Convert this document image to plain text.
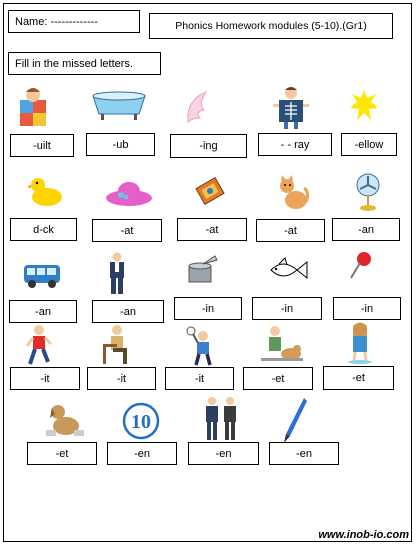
Name: -------------	Phonics Homework modules (5-10).(Gr1)
Fill in the missed letters.
10
-uilt	-ub	-ing	- - ray	-ellow
d-ck	-at	-at	-at	-an
-an	-an	-in	-in	-in
-it	-it	-it	-et	-et
-et	-en	-en	-en
www.inob-io.com
